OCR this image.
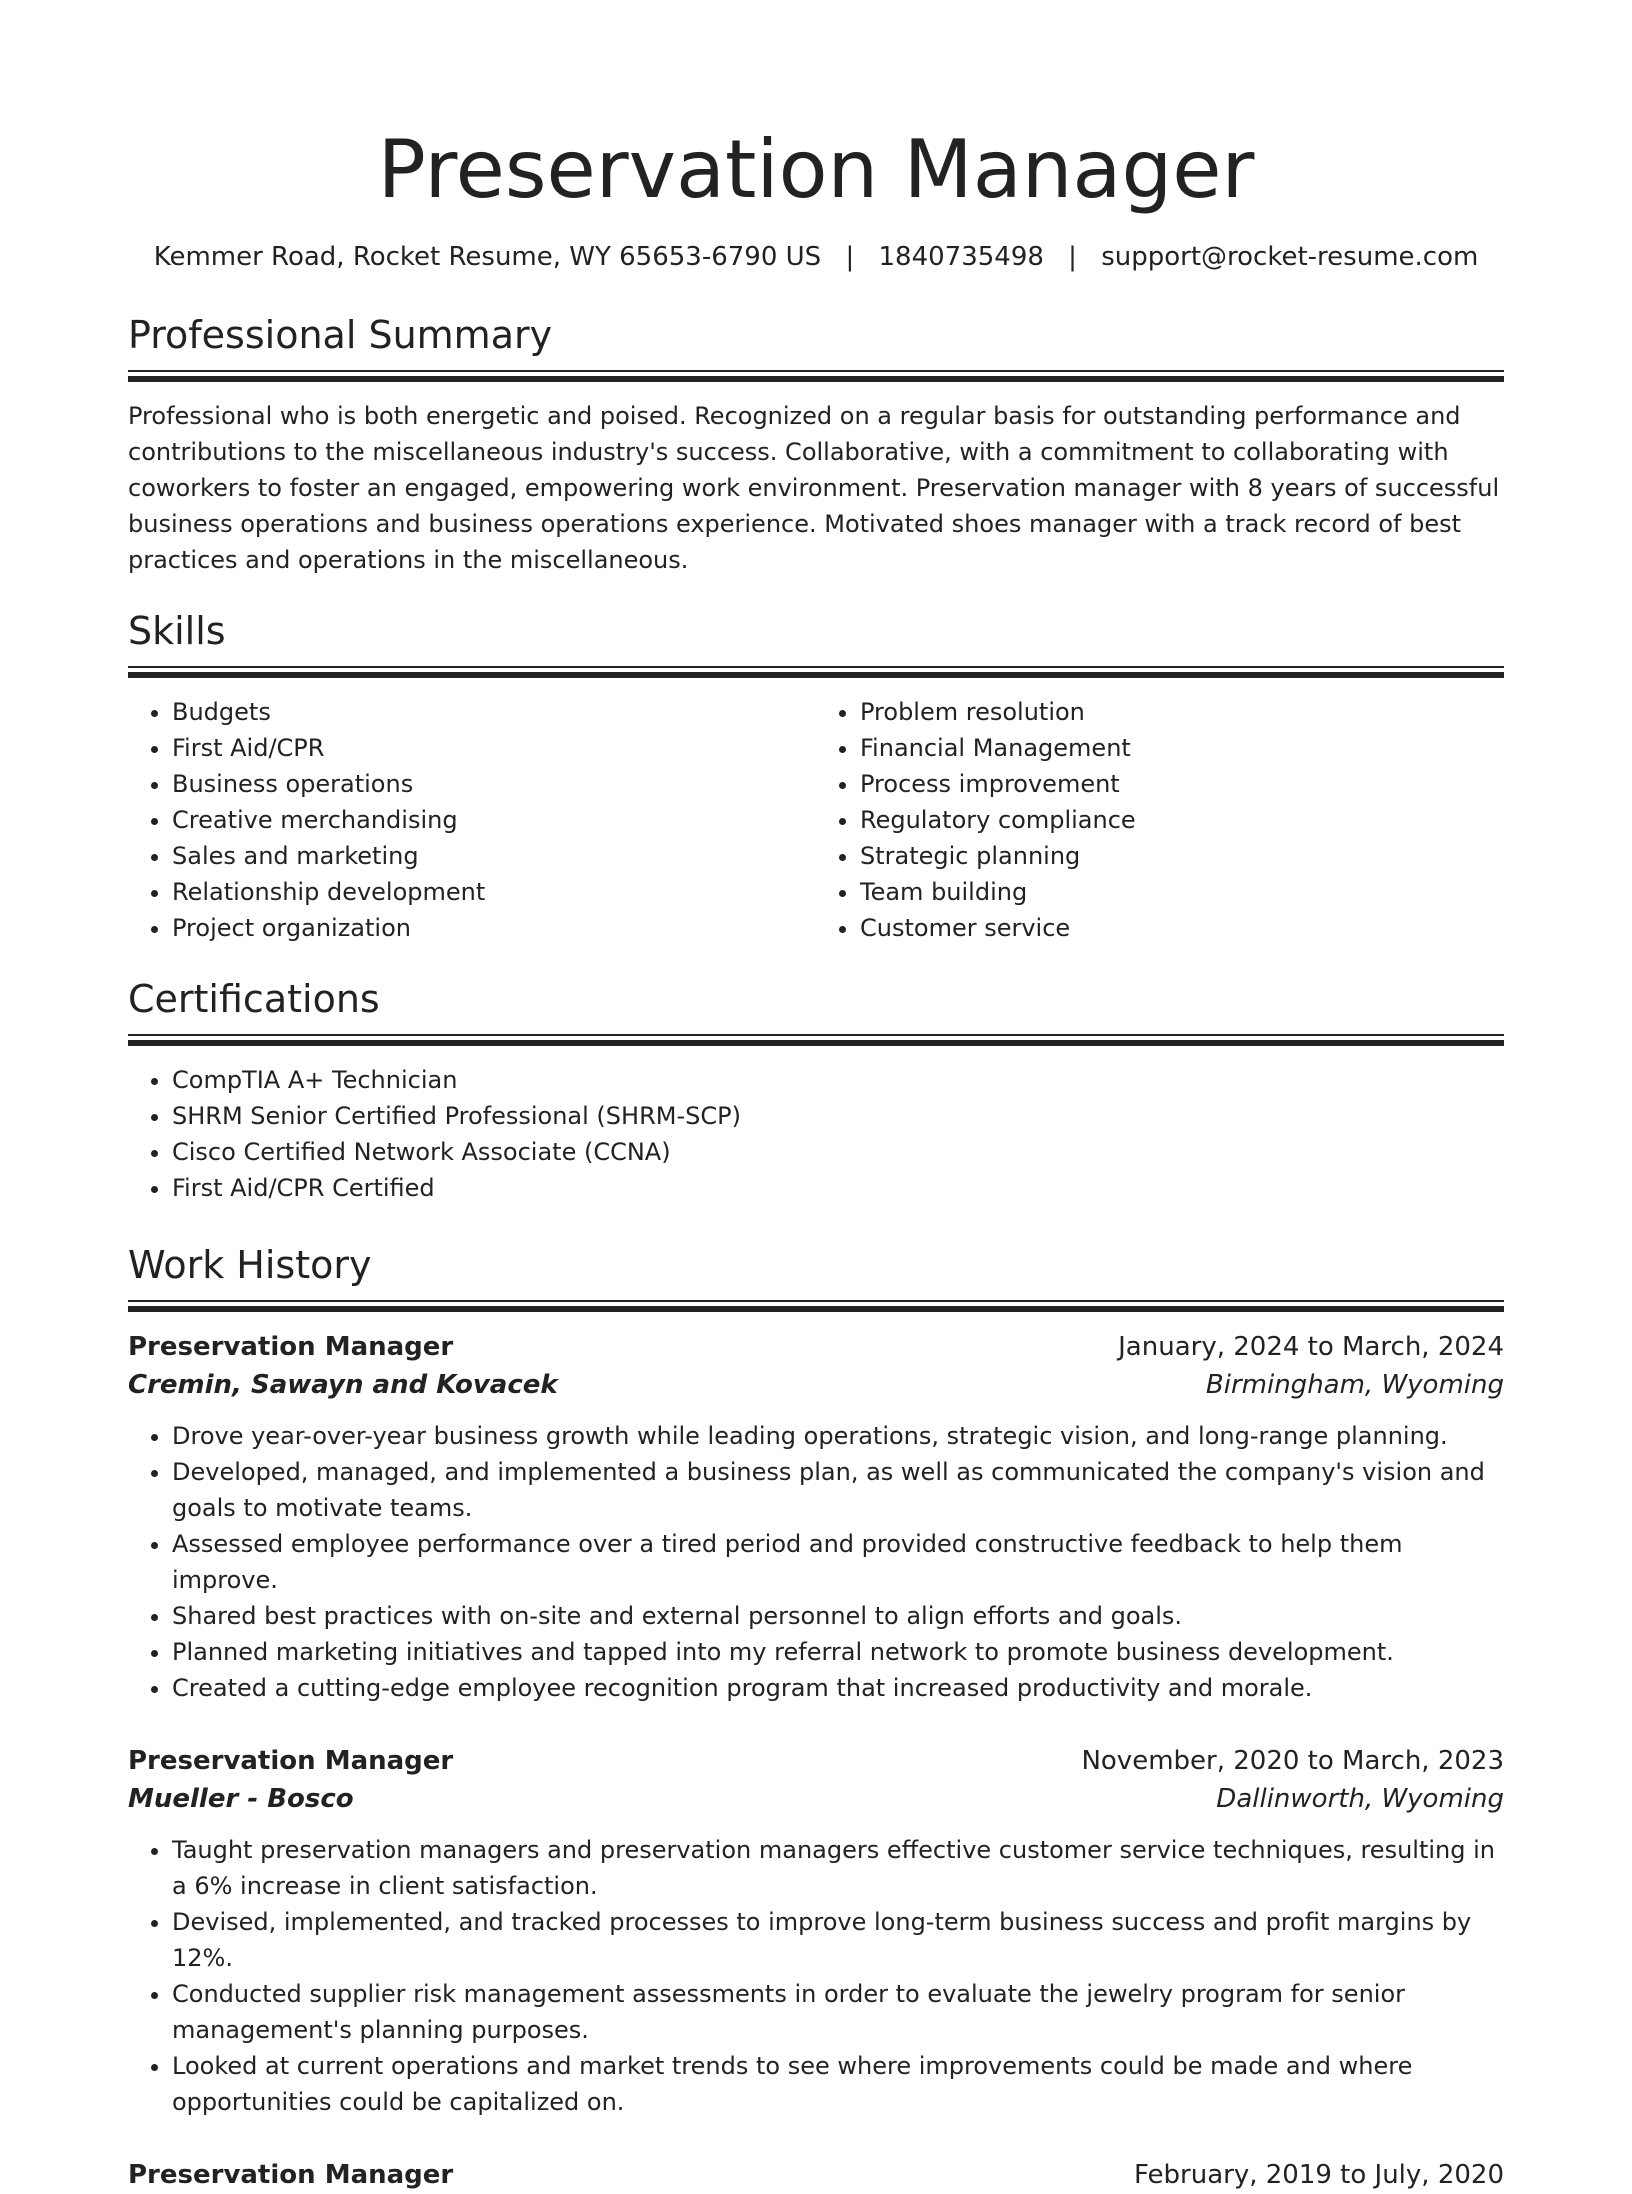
Preservation Manager
Kemmer Road, Rocket Resume, WY 65653-6790 US | 1840735498 | support@rocket-resume.com
Professional Summary

Professional who is both energetic and poised. Recognized on a regular basis for outstanding performance and contributions to the miscellaneous industry's success. Collaborative, with a commitment to collaborating with coworkers to foster an engaged, empowering work environment. Preservation manager with 8 years of successful business operations and business operations experience. Motivated shoes manager with a track record of best practices and operations in the miscellaneous.

Skills
• Budgets
• First Aid/CPR
• Business operations
• Creative merchandising
• Sales and marketing
• Relationship development
• Project organization
• Problem resolution
• Financial Management
• Process improvement
• Regulatory compliance
• Strategic planning
• Team building
• Customer service
Certifications
• CompTIA A+ Technician
• SHRM Senior Certified Professional (SHRM-SCP)
• Cisco Certified Network Associate (CCNA)
• First Aid/CPR Certified
Work History
Preservation Manager	January, 2024 to March, 2024
Cremin, Sawayn and Kovacek	Birmingham, Wyoming
• Drove year-over-year business growth while leading operations, strategic vision, and long-range planning.
• Developed, managed, and implemented a business plan, as well as communicated the company's vision and goals to motivate teams.
• Assessed employee performance over a tired period and provided constructive feedback to help them improve.
• Shared best practices with on-site and external personnel to align efforts and goals.
• Planned marketing initiatives and tapped into my referral network to promote business development.
• Created a cutting-edge employee recognition program that increased productivity and morale.
Preservation Manager	November, 2020 to March, 2023
Mueller - Bosco	Dallinworth, Wyoming
• Taught preservation managers and preservation managers effective customer service techniques, resulting in a 6% increase in client satisfaction.
• Devised, implemented, and tracked processes to improve long-term business success and profit margins by 12%.
• Conducted supplier risk management assessments in order to evaluate the jewelry program for senior management's planning purposes.
• Looked at current operations and market trends to see where improvements could be made and where opportunities could be capitalized on.
Preservation Manager	February, 2019 to July, 2020
